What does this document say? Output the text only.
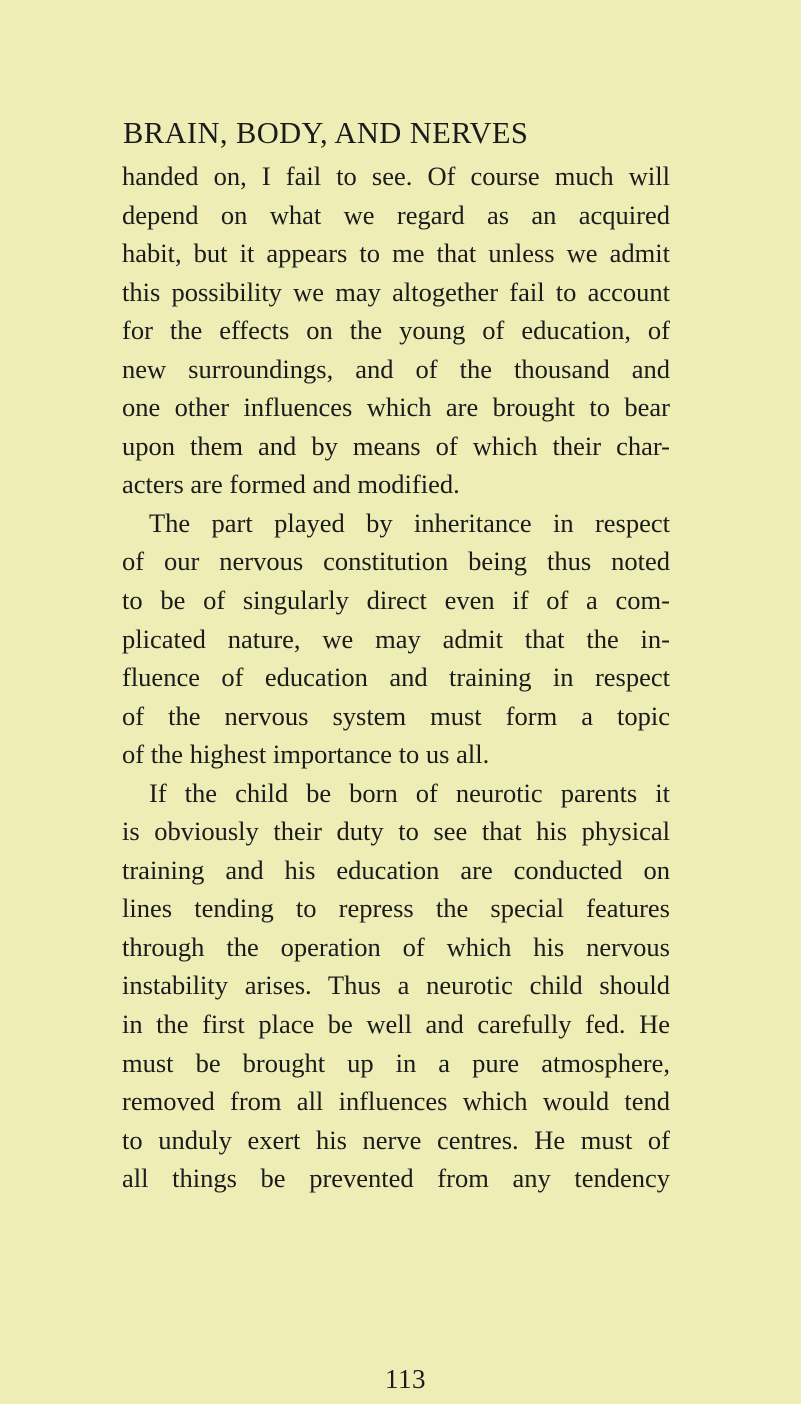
BRAIN, BODY, AND NERVES
handed on, I fail to see. Of course much will
depend on what we regard as an acquired
habit, but it appears to me that unless we admit
this possibility we may altogether fail to account
for the effects on the young of education, of
new surroundings, and of the thousand and
one other influences which are brought to bear
upon them and by means of which their char-
acters are formed and modified.
The part played by inheritance in respect
of our nervous constitution being thus noted
to be of singularly direct even if of a com-
plicated nature, we may admit that the in-
fluence of education and training in respect
of the nervous system must form a topic
of the highest importance to us all.
If the child be born of neurotic parents it
is obviously their duty to see that his physical
training and his education are conducted on
lines tending to repress the special features
through the operation of which his nervous
instability arises. Thus a neurotic child should
in the first place be well and carefully fed. He
must be brought up in a pure atmosphere,
removed from all influences which would tend
to unduly exert his nerve centres. He must of
all things be prevented from any tendency
113
